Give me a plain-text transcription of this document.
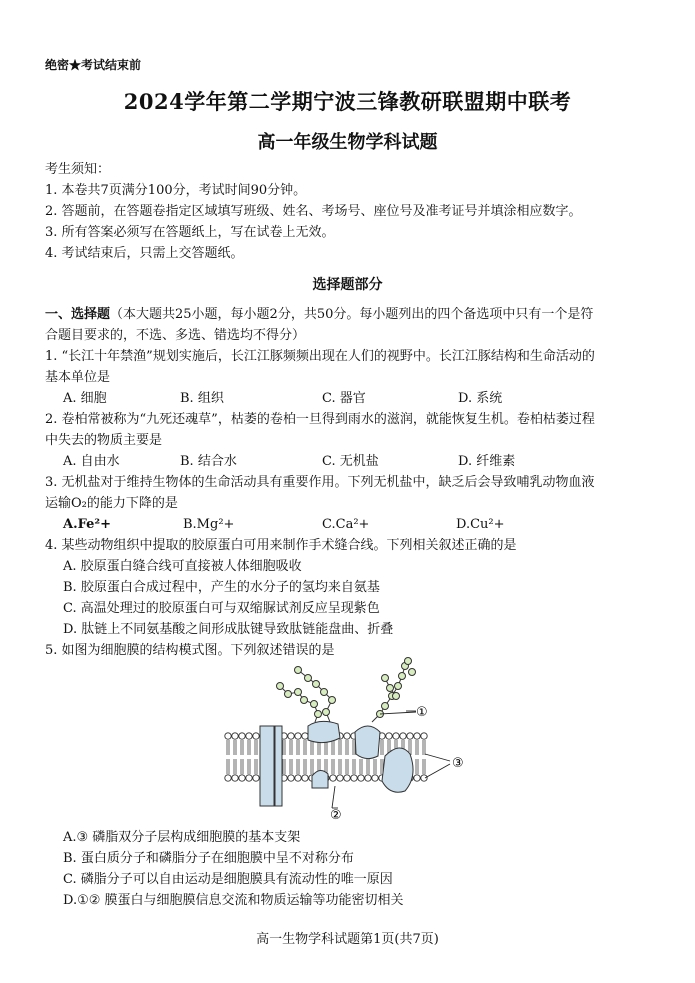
绝密★考试结束前
2024学年第二学期宁波三锋教研联盟期中联考
高一年级生物学科试题
考生须知：
1. 本卷共7页满分100分，考试时间90分钟。
2. 答题前，在答题卷指定区域填写班级、姓名、考场号、座位号及准考证号并填涂相应数字。
3. 所有答案必须写在答题纸上，写在试卷上无效。
4. 考试结束后，只需上交答题纸。
选择题部分
一、选择题（本大题共25小题，每小题2分，共50分。每小题列出的四个备选项中只有一个是符
合题目要求的，不选、多选、错选均不得分）
1. “长江十年禁渔”规划实施后，长江江豚频频出现在人们的视野中。长江江豚结构和生命活动的
基本单位是
A. 细胞	B. 组织	C. 器官	D. 系统
2. 卷柏常被称为“九死还魂草”，枯萎的卷柏一旦得到雨水的滋润，就能恢复生机。卷柏枯萎过程
中失去的物质主要是
A. 自由水	B. 结合水	C. 无机盐	D. 纤维素
3. 无机盐对于维持生物体的生命活动具有重要作用。下列无机盐中，缺乏后会导致哺乳动物血液
运输O₂的能力下降的是
A.Fe²+	B.Mg²+	C.Ca²+	D.Cu²+
4. 某些动物组织中提取的胶原蛋白可用来制作手术缝合线。下列相关叙述正确的是
A. 胶原蛋白缝合线可直接被人体细胞吸收
B. 胶原蛋白合成过程中，产生的水分子的氢均来自氨基
C. 高温处理过的胶原蛋白可与双缩脲试剂反应呈现紫色
D. 肽链上不同氨基酸之间形成肽键导致肽链能盘曲、折叠
5. 如图为细胞膜的结构模式图。下列叙述错误的是
①
②
③
A.③ 磷脂双分子层构成细胞膜的基本支架
B. 蛋白质分子和磷脂分子在细胞膜中呈不对称分布
C. 磷脂分子可以自由运动是细胞膜具有流动性的唯一原因
D.①② 膜蛋白与细胞膜信息交流和物质运输等功能密切相关
高一生物学科试题第1页(共7页)
